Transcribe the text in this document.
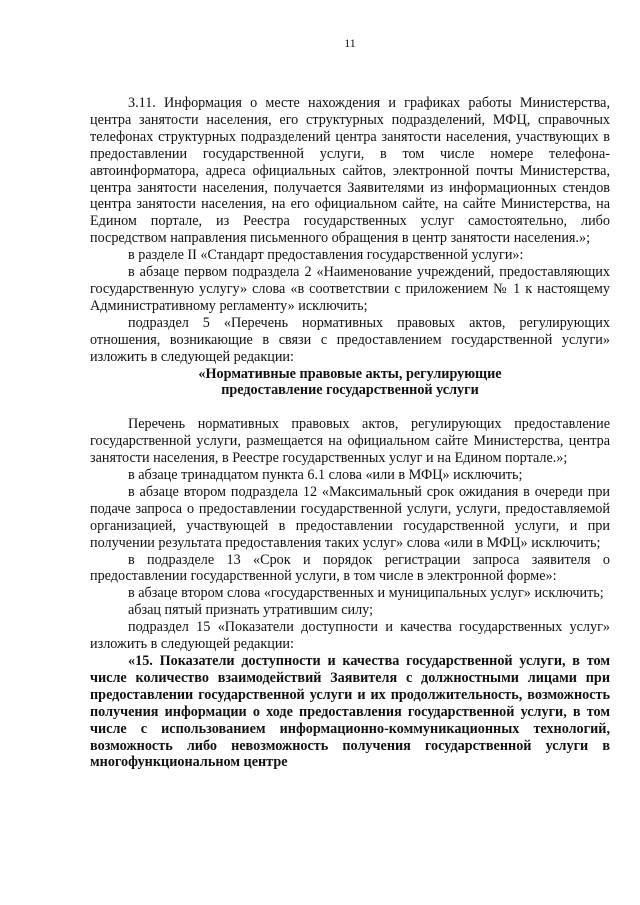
11

3.11. Информация о месте нахождения и графиках работы Министерства, центра занятости населения, его структурных подразделений, МФЦ, справочных телефонах структурных подразделений центра занятости населения, участвующих в предоставлении государственной услуги, в том числе номере телефона-автоинформатора, адреса официальных сайтов, электронной почты Министерства, центра занятости населения, получается Заявителями из информационных стендов центра занятости населения, на его официальном сайте, на сайте Министерства, на Едином портале, из Реестра государственных услуг самостоятельно, либо посредством направления письменного обращения в центр занятости населения.»;

в разделе II «Стандарт предоставления государственной услуги»:

в абзаце первом подраздела 2 «Наименование учреждений, предоставляющих государственную услугу» слова «в соответствии с приложением № 1 к настоящему Административному регламенту» исключить;

подраздел 5 «Перечень нормативных правовых актов, регулирующих отношения, возникающие в связи с предоставлением государственной услуги» изложить в следующей редакции:

«Нормативные правовые акты, регулирующие
предоставление государственной услуги

Перечень нормативных правовых актов, регулирующих предоставление государственной услуги, размещается на официальном сайте Министерства, центра занятости населения, в Реестре государственных услуг и на Едином портале.»;

в абзаце тринадцатом пункта 6.1 слова «или в МФЦ» исключить;

в абзаце втором подраздела 12 «Максимальный срок ожидания в очереди при подаче запроса о предоставлении государственной услуги, услуги, предоставляемой организацией, участвующей в предоставлении государственной услуги, и при получении результата предоставления таких услуг» слова «или в МФЦ» исключить;

в подразделе 13 «Срок и порядок регистрации запроса заявителя о предоставлении государственной услуги, в том числе в электронной форме»:

в абзаце втором слова «государственных и муниципальных услуг» исключить;

абзац пятый признать утратившим силу;

подраздел 15 «Показатели доступности и качества государственных услуг» изложить в следующей редакции:

«15. Показатели доступности и качества государственной услуги, в том числе количество взаимодействий Заявителя с должностными лицами при предоставлении государственной услуги и их продолжительность, возможность получения информации о ходе предоставления государственной услуги, в том числе с использованием информационно-коммуникационных технологий, возможность либо невозможность получения государственной услуги в многофункциональном центре
